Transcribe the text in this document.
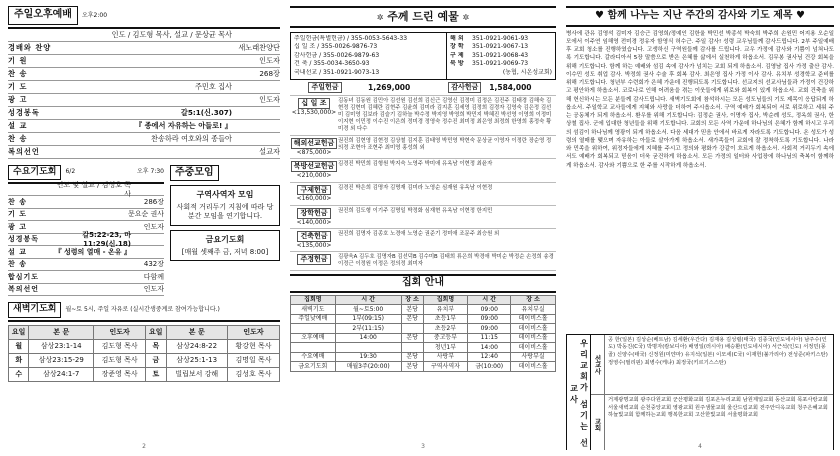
주일오후예배	오후2:00
인도 / 김도형 목사, 설교 / 문상균 목사
경배와 찬양	새노래찬양단
기 원	인도자
찬 송	268장
기 도	주민호 집사
광 고	인도자
성경봉독	갈5:1(신.307)
설 교	『 종에서 자유하는 아들로! 』
찬 송	찬송하라 여호와의 종들아
복의선언	설교자
수요기도회	6/2	오후 7:30
인도 및 설교 / 김성호 목사
찬 송	286장
기 도	문요순 권사
광 고	인도자
성경봉독
갈5:22-23, 마11:29(신.18)
설 교	『 성령의 열매 - 온유 』
찬 송	432장
합심기도	다함께
복의선언	인도자
주중모임
구역사역자 모임
사회적 거리두기 지침에 따라 당분간 모임을 연기합니다.
금요기도회
[매월 셋째주 금, 저녁 8:00]
새벽기도회	월~토 5시, 주일 자유로 (실시간생중계로 참여가능합니다.)
요일	본 문	인도자	요일	본 문	인도자
월	삼상23:1-14	김도형 목사	목	삼상24:8-22	황강현 목사
화	삼상23:15-29	김도형 목사	금	삼상25:1-13	김명일 목사
수	삼상24:1-7	장준영 목사	토	빌립보서 강해	김성호 목사
2
✲ 주께 드린 예물 ✲
주일헌금(특별헌금) / 355-0053-5643-33
십 일 조 / 355-0026-9876-73
감사헌금 / 355-0026-9879-63
건 축 / 355-0034-3650-93
국내선교 / 351-0921-9073-13
해 외	351-0921-9061-93
장 학	351-0921-9067-13
구 제	351-0921-9068-43
북 방	351-0921-9069-73
(농협, 시온성교회)
주일헌금	1,269,000	감사헌금	1,584,000
십 일 조
<13,530,000>
김동녀 김동원 김민아 김선원 김선희 김신근 김영신 김정미 김정은 김진주 김태경 김해숙 김현정 김현미 김혜란 김현주 김윤희 김미라 김지훈 김세영 김정희 김경자 김영숙 김은정 김선미 김미영 김보라 김슬기 김하늘 박수정 박지영 박영희 박민지 박혜진 박선영 이영희 이정미 이지현 이민정 이수진 이은희 정미경 정영숙 정수진 최미정 최은영 최정희 한영희 홍정숙 황미경 외 다수
해외선교헌금
<875,000>
권진희 김현영 김현정 김상철 김지훈 김태영 박민영 박현숙 문상균 이영자 이정란 장순영 정의정 조현아 조현주 최미영 홍성희 외
북방선교헌금
<210,000>
김경진 박민희 김형원 박지숙 노영주 박미애 유옥남 이현정 최윤자
구제헌금
<160,000>
김경진 박은희 김명자 김명재 김미라 노영순 심재원 유옥남 이현정
장학헌금
<140,000>
권진희 김도형 이기주 김명일 박정화 심재현 유옥남 이현정 한지민
건축헌금
<135,000>
권진희 김명자 김종호 노경애 노영순 권준기 정미애 조문주 최승원 외
주정헌금	김광욱A 김두호 김명자B 김선덕B 김수미B 김태희 류은희 박경애 박미순 박정순 손정희 송경 이정근 이정원 이정은 정의정 최미자
집회 안내
집회명	시 간	장 소	집회명	시 간	장 소
새벽기도	월~토5:00	본당	유치부	09:00	유치부실
주일낮예배	1부(09:15)	본당	초등1부	09:00	데이비스홀
	2부(11:15)		초등2부	09:00	데이비스홀
오후예배	14:00	본당	중고등부	11:15	데이비스홀
			청년1부	14:00	데이비스홀
수요예배	19:30	본당	사랑부	12:40	사랑부실
금요기도회	매월3주(20:00)	본당	구역사역자	금(10:00)	데이비스홀
3
♥ 함께 나누는 지난 주간의 감사와 기도 제목 ♥
병사에 관유 김영석 김미자 김승근 김영희/정예인 김한울 박민선 박종석 박숙희 박주희 손원민 어지용 오순일 모에서 이주연 임해영 전미경 정유자 함영식 허수근. 주일 감사! 성령 교우님들께 감사드립니다. 2부 주일예배 후 교회 청소를 진행하였습니다. 고생하신 구역원들께 감사를 드립니다. 교우 가정에 감사와 기쁨이 넘쳐나도록 기도합니다. 갈라디아서 5장 말씀으로 받은 은혜를 삶에서 실천하게 하옵소서. 김무봉 권사님 건강 회복을 위해 기도합니다. 함께 하는 예배와 섬김 속에 감사가 넘치는 교회 되게 하옵소서. 김영남 집사 가정 출산 감사. 이수민 성도 취업 감사. 박정희 권사 수술 후 회복 감사. 최은영 집사 가정 이사 감사. 유치부 성경학교 준비를 위해 기도합니다. 청년부 수련회가 은혜 가운데 진행되도록 기도합니다. 선교지의 선교사님들과 가정이 건강하고 평안하게 하옵소서. 코로나로 인해 어려움을 겪는 이웃들에게 위로와 회복이 있게 하옵소서. 교회 건축을 위해 헌신하시는 모든 분들께 감사드립니다. 새벽기도회에 참석하시는 모든 성도님들의 기도 제목이 응답되게 하옵소서. 주일학교 교사들에게 지혜와 사랑을 더하여 주시옵소서. 구역 예배가 회복되어 서로 위로하고 세워 주는 공동체가 되게 하옵소서. 환우를 위해 기도합니다: 김정순 권사, 이명자 집사, 박순례 성도, 정옥희 권사, 한상철 집사. 군에 입대한 청년들을 위해 기도합니다. 교회의 모든 사역 가운데 하나님의 은혜가 함께 하시고 우리의 섬김이 하나님께 영광이 되게 하옵소서. 다음 세대가 믿음 안에서 바르게 자라도록 기도합니다. 온 성도가 성령의 열매를 맺으며 자유하는 아들로 살아가게 하옵소서. 새가족들이 교회에 잘 정착하도록 기도합니다. 나라와 민족을 위하여, 위정자들에게 지혜를 주시고 정의와 평화가 강같이 흐르게 하옵소서. 사회적 거리두기 속에서도 예배가 회복되고 믿음이 더욱 굳건하게 하옵소서. 모든 가정의 일터와 사업장에 하나님의 축복이 함께하게 하옵소서. 감사와 기쁨으로 한 주를 시작하게 하옵소서.
우리교회가 섬기는 선교사
선교사
공 한(일본) 김상순(베트남) 김세환(우간다) 김재용 김성렬(태국) 김종국(인도네시아) 남주수(인도) 박동진(C국) 박명자(캄보디아) 배영일(러시아) 배승환(인도네시아) 서근석(인도) 서정민(몽골) 신양수(태국) 신정원(미얀마) 유지석(일본) 이모세(C국) 이재헌(불가리아) 전성준(파키스탄) 정영수(필리핀) 최병수(케냐) 최정국(키르기스스탄)
교회
거제광명교회 광주다원교회 군산평화교회 김포온누리교회 남원제일교회 동산교회 목포사랑교회 서울새벽교회 순천중앙교회 영광교회 원주샘물교회 울산드림교회 전주안디옥교회 청주은혜교회 하늘빛교회 함께하는교회 행복한교회 고산한빛교회 서울평화교회
4
